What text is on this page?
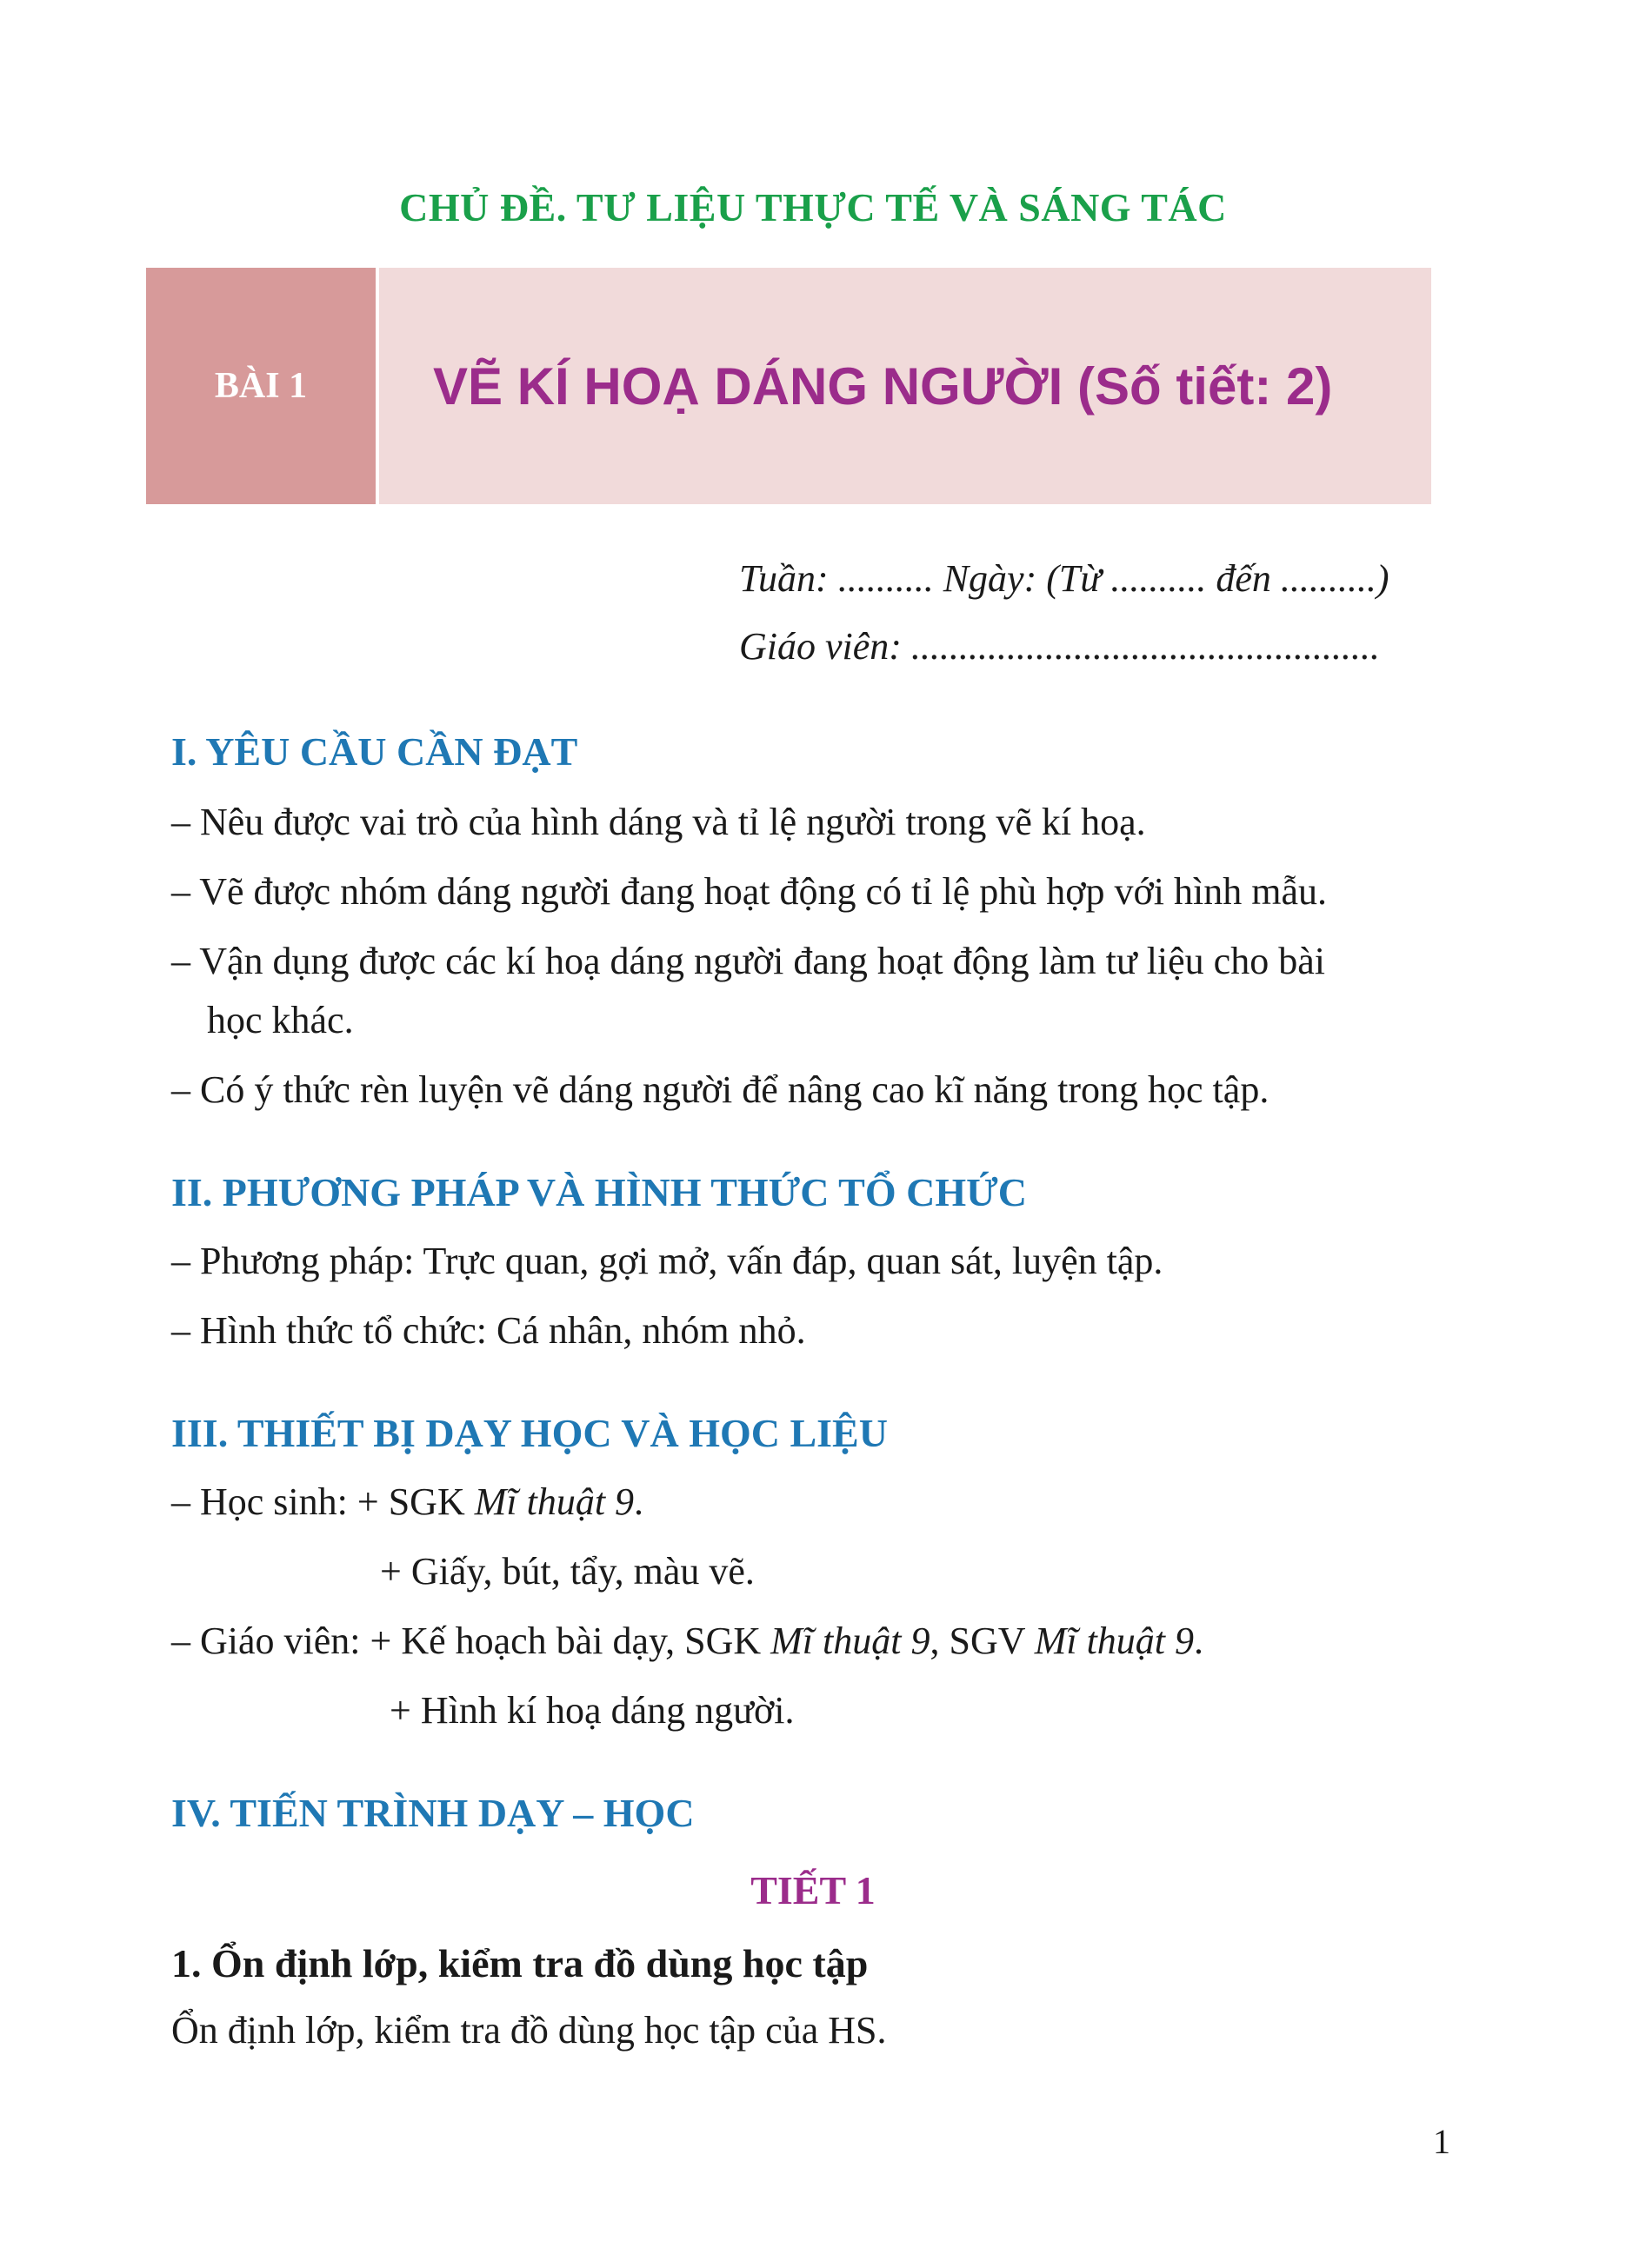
CHỦ ĐỀ. TƯ LIỆU THỰC TẾ VÀ SÁNG TÁC
BÀI 1	VẼ KÍ HOẠ DÁNG NGƯỜI (Số tiết: 2)
Tuần: .......... Ngày: (Từ .......... đến ..........)
Giáo viên: .................................................
I. YÊU CẦU CẦN ĐẠT
– Nêu được vai trò của hình dáng và tỉ lệ người trong vẽ kí hoạ.
– Vẽ được nhóm dáng người đang hoạt động có tỉ lệ phù hợp với hình mẫu.
– Vận dụng được các kí hoạ dáng người đang hoạt động làm tư liệu cho bài
học khác.
– Có ý thức rèn luyện vẽ dáng người để nâng cao kĩ năng trong học tập.
II. PHƯƠNG PHÁP VÀ HÌNH THỨC TỔ CHỨC
– Phương pháp: Trực quan, gợi mở, vấn đáp, quan sát, luyện tập.
– Hình thức tổ chức: Cá nhân, nhóm nhỏ.
III. THIẾT BỊ DẠY HỌC VÀ HỌC LIỆU
– Học sinh: + SGK Mĩ thuật 9.
+ Giấy, bút, tẩy, màu vẽ.
– Giáo viên: + Kế hoạch bài dạy, SGK Mĩ thuật 9, SGV Mĩ thuật 9.
+ Hình kí hoạ dáng người.
IV. TIẾN TRÌNH DẠY – HỌC
TIẾT 1
1. Ổn định lớp, kiểm tra đồ dùng học tập
Ổn định lớp, kiểm tra đồ dùng học tập của HS.
1
